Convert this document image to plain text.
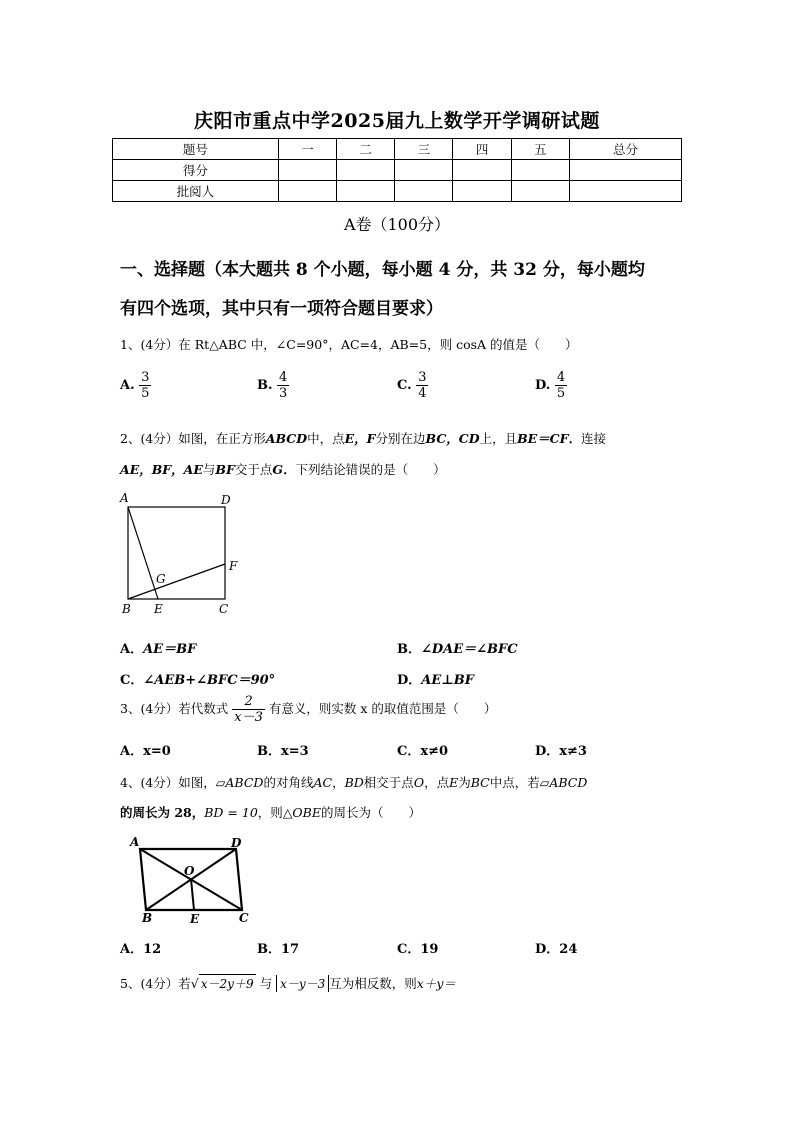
庆阳市重点中学2025届九上数学开学调研试题
题号	一	二	三	四	五	总分
得分						
批阅人						
A卷（100分）
一、选择题（本大题共 8 个小题，每小题 4 分，共 32 分，每小题均
有四个选项，其中只有一项符合题目要求）
1、(4分）在 Rt△ABC 中，∠C=90°，AC=4，AB=5，则 cosA 的值是（　　）
A. $\frac{3}{5}$	B. $\frac{4}{3}$	C. $\frac{3}{4}$	D. $\frac{4}{5}$
2、(4分）如图，在正方形ABCD中，点E，F分别在边BC，CD上，且BE＝CF．连接
AE，BF，AE与BF交于点G．下列结论错误的是（　　）
A	D
B	C
E
F
G
A．AE＝BF	B．∠DAE＝∠BFC
C．∠AEB+∠BFC＝90°	D．AE⊥BF
3、(4分）若代数式 $\frac{2}{x-3}$ 有意义，则实数 x 的取值范围是（　　）
A．x=0	B．x=3	C．x≠0	D．x≠3
4、(4分）如图，▱ABCD的对角线AC，BD相交于点O，点E为BC中点，若▱ABCD
的周长为 28，BD = 10，则△OBE的周长为（　　）
A	D
O
B	E	C
A．12	B．17	C．19	D．24
5、(4分）若√ x－2y＋9 与 x－y－3 互为相反数，则x＋y＝
